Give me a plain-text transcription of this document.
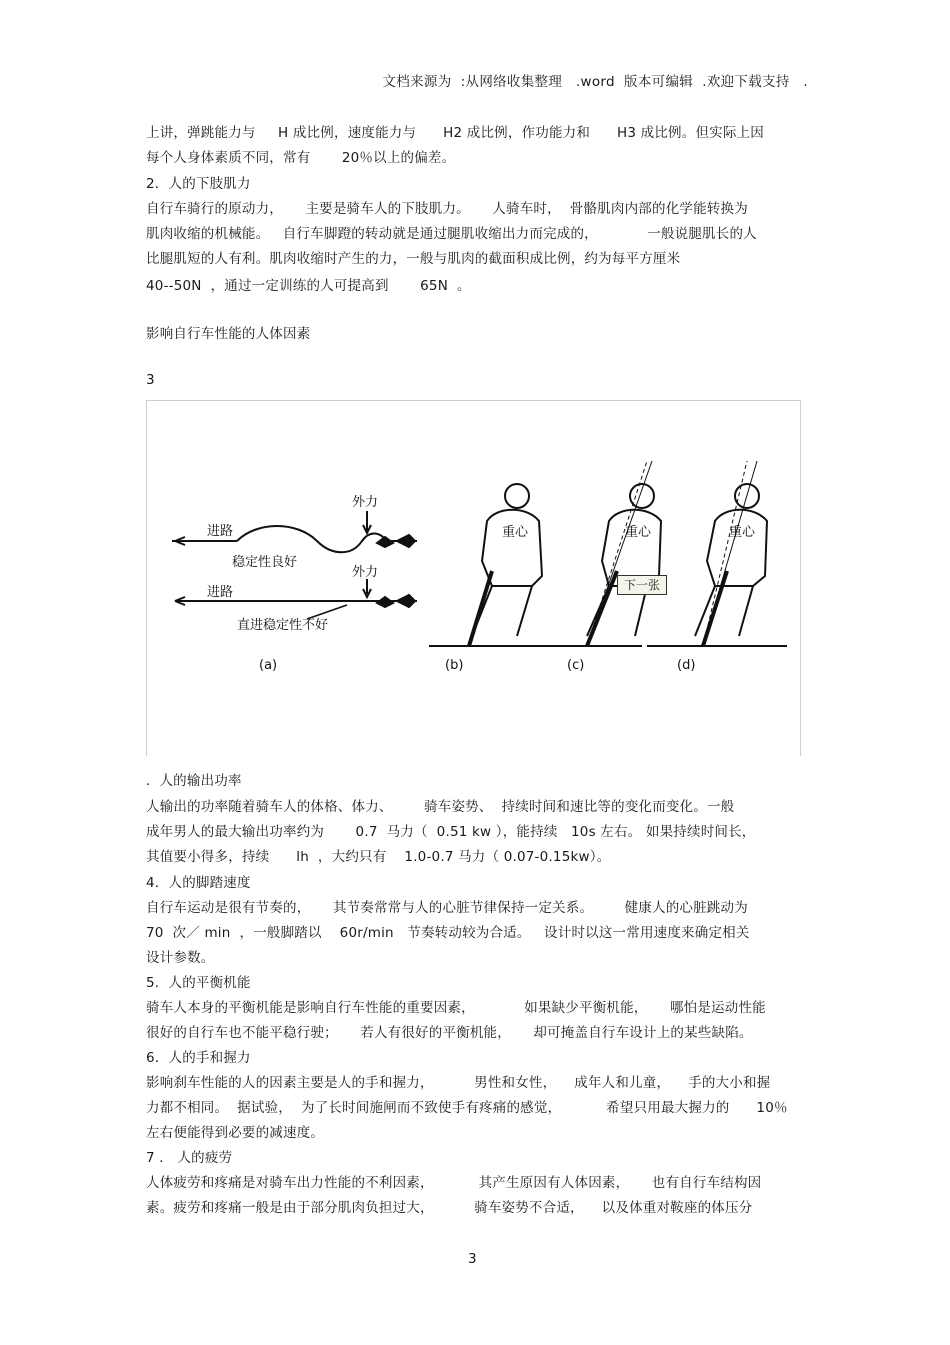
文档来源为  :从网络收集整理   .word  版本可编辑  .欢迎下载支持   .
上讲，弹跳能力与     H 成比例，速度能力与      H2 成比例，作功能力和      H3 成比例。但实际上因
每个人身体素质不同，常有       20％以上的偏差。
2．人的下肢肌力
自行车骑行的原动力，     主要是骑车人的下肢肌力。     人骑车时，  骨骼肌肉内部的化学能转换为
肌肉收缩的机械能。   自行车脚蹬的转动就是通过腿肌收缩出力而完成的，           一般说腿肌长的人
比腿肌短的人有利。肌肉收缩时产生的力，一般与肌肉的截面积成比例，约为每平方厘米
40--50N  ，通过一定训练的人可提高到       65N  。
影响自行车性能的人体因素
3
进路
稳定性良好
外力
进路
外力
直进稳定性不好
重心	重心	重心
(a)	(b)	(c)	(d)
下一张
.  人的输出功率
人输出的功率随着骑车人的体格、体力、       骑车姿势、  持续时间和速比等的变化而变化。一般
成年男人的最大输出功率约为       0.7  马力（  0.51 kw ），能持续   10s 左右。 如果持续时间长，
其值要小得多，持续      lh  ，大约只有    1.0-0.7 马力（ 0.07-0.15kw）。
4．人的脚踏速度
自行车运动是很有节奏的，     其节奏常常与人的心脏节律保持一定关系。       健康人的心脏跳动为
70  次／ min  ，一般脚踏以    60r/min   节奏转动较为合适。   设计时以这一常用速度来确定相关
设计参数。
5．人的平衡机能
骑车人本身的平衡机能是影响自行车性能的重要因素，           如果缺少平衡机能，     哪怕是运动性能
很好的自行车也不能平稳行驶；     若人有很好的平衡机能，     却可掩盖自行车设计上的某些缺陷。
6．人的手和握力
影响刹车性能的人的因素主要是人的手和握力，         男性和女性，    成年人和儿童，    手的大小和握
力都不相同。  据试验，  为了长时间施闸而不致使手有疼痛的感觉，          希望只用最大握力的      10％
左右便能得到必要的减速度。
7 ． 人的疲劳
人体疲劳和疼痛是对骑车出力性能的不利因素，          其产生原因有人体因素，     也有自行车结构因
素。疲劳和疼痛一般是由于部分肌肉负担过大，         骑车姿势不合适，    以及体重对鞍座的体压分
3
